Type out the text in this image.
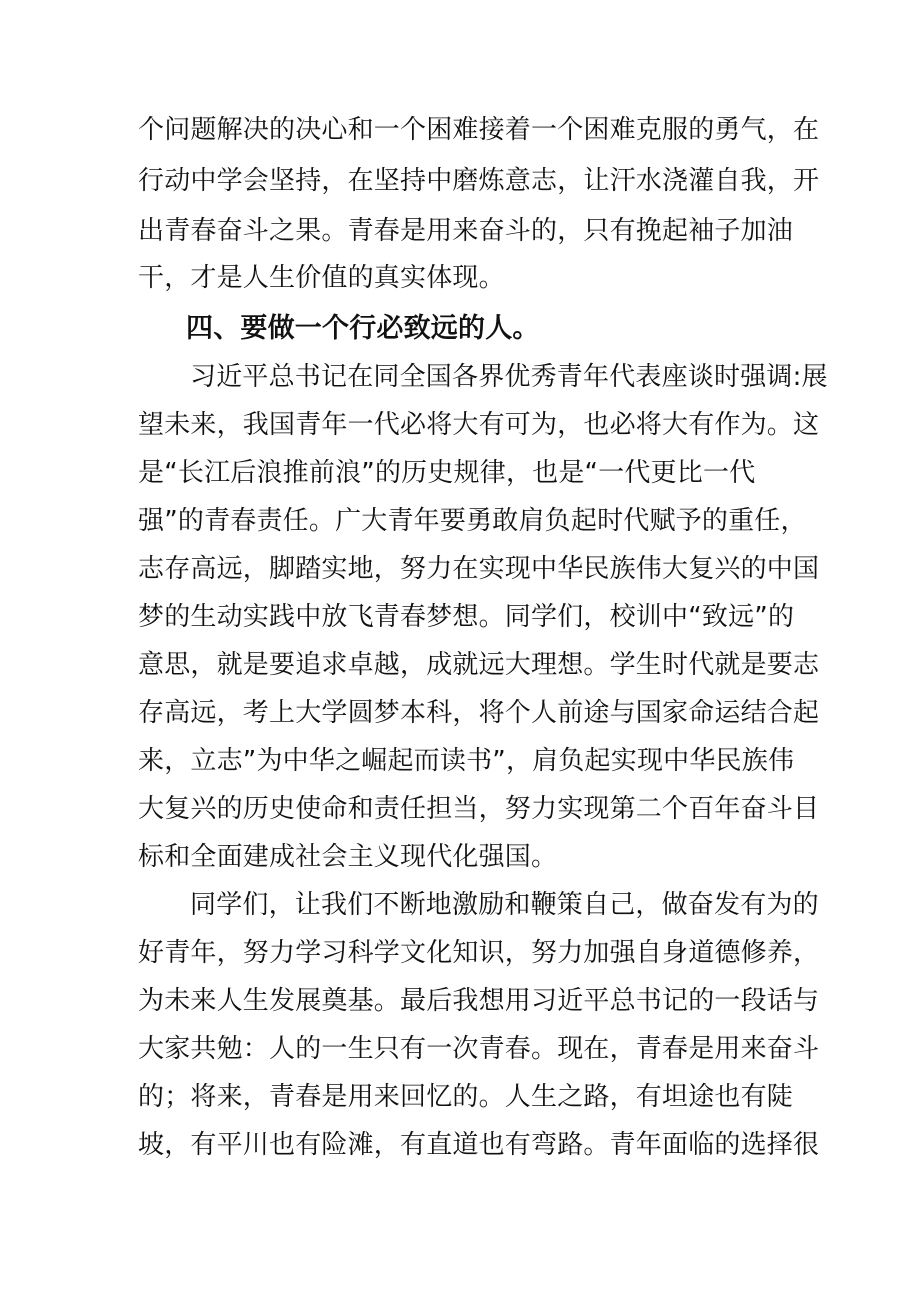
个问题解决的决心和一个困难接着一个困难克服的勇气，在
行动中学会坚持，在坚持中磨炼意志，让汗水浇灌自我，开
出青春奋斗之果。青春是用来奋斗的，只有挽起袖子加油
干，才是人生价值的真实体现。
四、要做一个行必致远的人。
习近平总书记在同全国各界优秀青年代表座谈时强调:展
望未来，我国青年一代必将大有可为，也必将大有作为。这
是“长江后浪推前浪”的历史规律，也是“一代更比一代
强”的青春责任。广大青年要勇敢肩负起时代赋予的重任，
志存高远，脚踏实地，努力在实现中华民族伟大复兴的中国
梦的生动实践中放飞青春梦想。同学们，校训中“致远”的
意思，就是要追求卓越，成就远大理想。学生时代就是要志
存高远，考上大学圆梦本科，将个人前途与国家命运结合起
来，立志”为中华之崛起而读书”，肩负起实现中华民族伟
大复兴的历史使命和责任担当，努力实现第二个百年奋斗目
标和全面建成社会主义现代化强国。
同学们，让我们不断地激励和鞭策自己，做奋发有为的
好青年，努力学习科学文化知识，努力加强自身道德修养，
为未来人生发展奠基。最后我想用习近平总书记的一段话与
大家共勉：人的一生只有一次青春。现在，青春是用来奋斗
的；将来，青春是用来回忆的。人生之路，有坦途也有陡
坡，有平川也有险滩，有直道也有弯路。青年面临的选择很
